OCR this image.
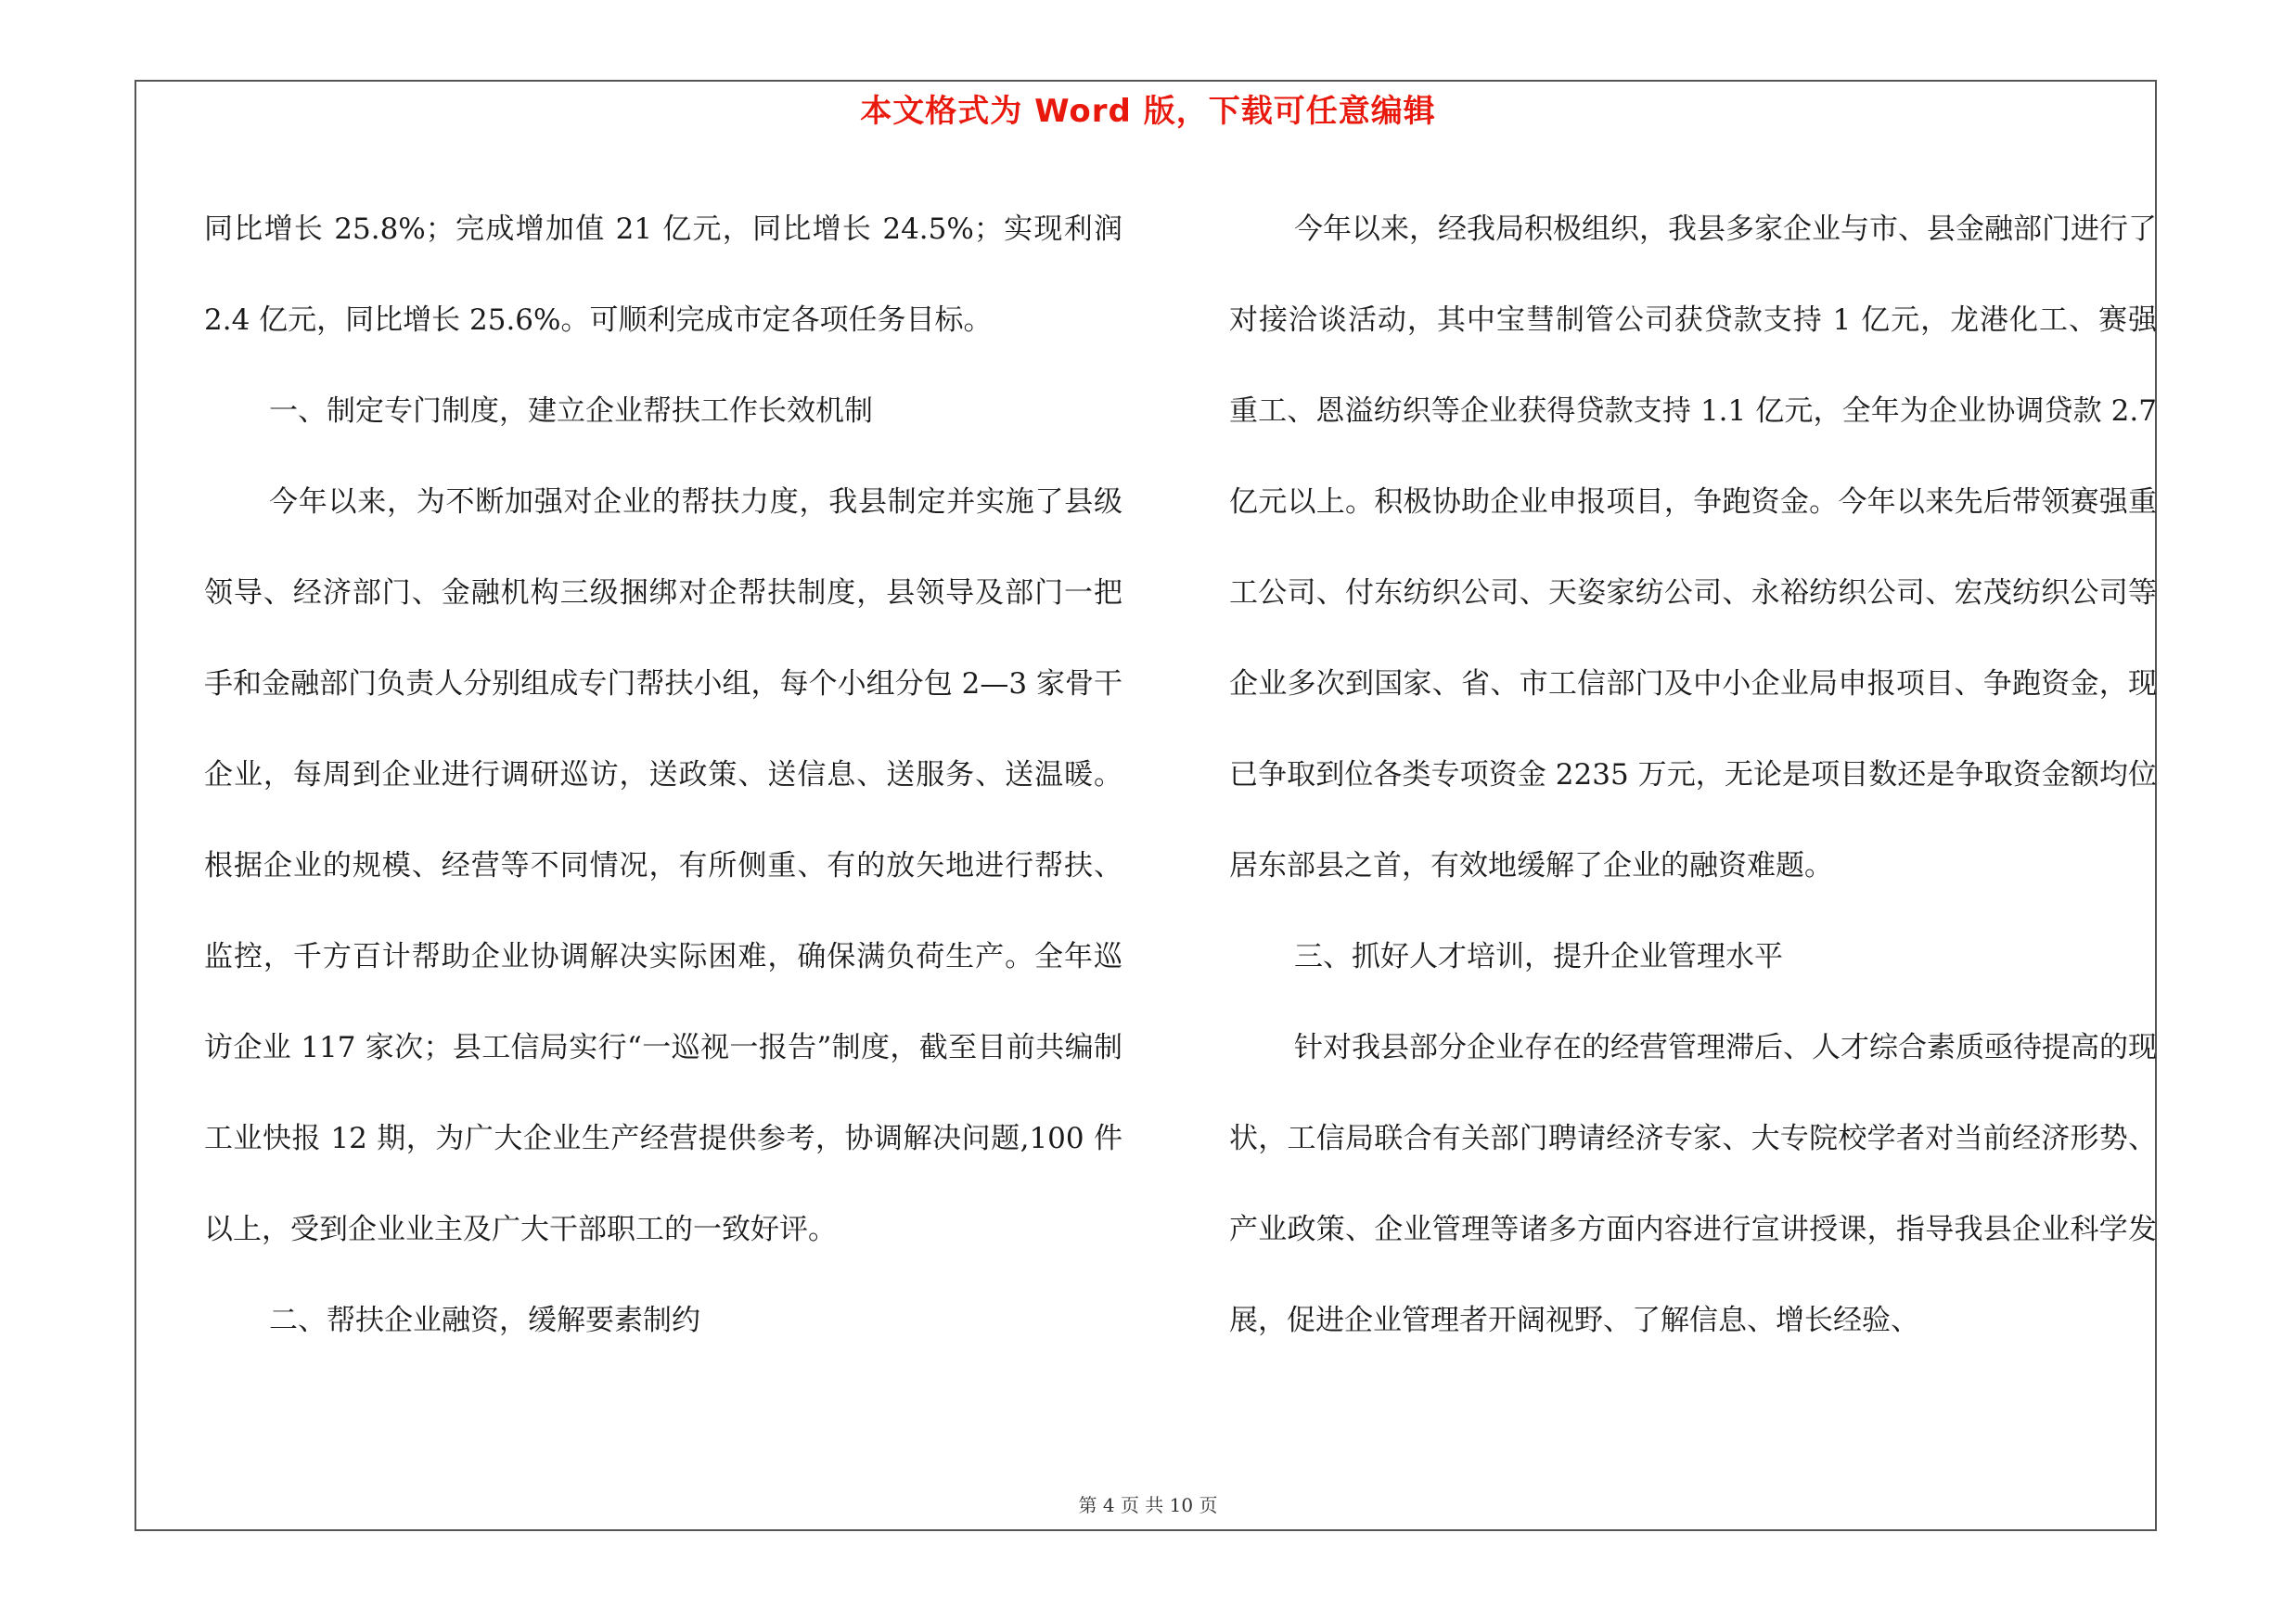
本文格式为 Word 版，下载可任意编辑

同比增长 25.8%；完成增加值 21 亿元，同比增长 24.5%；实现利润 2.4 亿元，同比增长 25.6%。可顺利完成市定各项任务目标。

一、制定专门制度，建立企业帮扶工作长效机制

今年以来，为不断加强对企业的帮扶力度，我县制定并实施了县级领导、经济部门、金融机构三级捆绑对企帮扶制度，县领导及部门一把手和金融部门负责人分别组成专门帮扶小组，每个小组分包 2—3 家骨干企业，每周到企业进行调研巡访，送政策、送信息、送服务、送温暖。根据企业的规模、经营等不同情况，有所侧重、有的放矢地进行帮扶、监控，千方百计帮助企业协调解决实际困难，确保满负荷生产。全年巡访企业 117 家次；县工信局实行“一巡视一报告”制度，截至目前共编制工业快报 12 期，为广大企业生产经营提供参考，协调解决问题,100 件以上，受到企业业主及广大干部职工的一致好评。

二、帮扶企业融资，缓解要素制约

今年以来，经我局积极组织，我县多家企业与市、县金融部门进行了对接洽谈活动，其中宝彗制管公司获贷款支持 1 亿元，龙港化工、赛强重工、恩溢纺织等企业获得贷款支持 1.1 亿元，全年为企业协调贷款 2.7 亿元以上。积极协助企业申报项目，争跑资金。今年以来先后带领赛强重工公司、付东纺织公司、天姿家纺公司、永裕纺织公司、宏茂纺织公司等企业多次到国家、省、市工信部门及中小企业局申报项目、争跑资金，现已争取到位各类专项资金 2235 万元，无论是项目数还是争取资金额均位居东部县之首，有效地缓解了企业的融资难题。

三、抓好人才培训，提升企业管理水平

针对我县部分企业存在的经营管理滞后、人才综合素质亟待提高的现状，工信局联合有关部门聘请经济专家、大专院校学者对当前经济形势、产业政策、企业管理等诸多方面内容进行宣讲授课，指导我县企业科学发展，促进企业管理者开阔视野、了解信息、增长经验、

第 4 页 共 10 页
